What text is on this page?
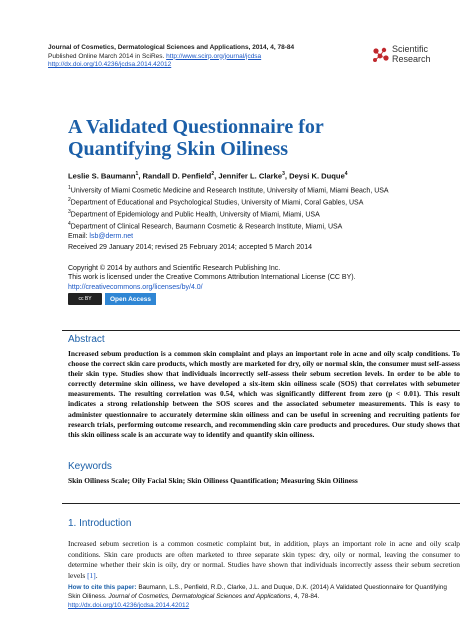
Journal of Cosmetics, Dermatological Sciences and Applications, 2014, 4, 78-84
Published Online March 2014 in SciRes. http://www.scirp.org/journal/jcdsa
http://dx.doi.org/10.4236/jcdsa.2014.42012
Scientific
Research
A Validated Questionnaire for Quantifying Skin Oiliness
Leslie S. Baumann$^1$, Randall D. Penfield$^2$, Jennifer L. Clarke$^3$, Deysi K. Duque$^4$
$^1$University of Miami Cosmetic Medicine and Research Institute, University of Miami, Miami Beach, USA
$^2$Department of Educational and Psychological Studies, University of Miami, Coral Gables, USA
$^3$Department of Epidemiology and Public Health, University of Miami, Miami, USA
$^4$Department of Clinical Research, Baumann Cosmetic & Research Institute, Miami, USA
Email: lsb@derm.net
Received 29 January 2014; revised 25 February 2014; accepted 5 March 2014
Copyright © 2014 by authors and Scientific Research Publishing Inc.
This work is licensed under the Creative Commons Attribution International License (CC BY).
http://creativecommons.org/licenses/by/4.0/
cc BY	Open Access
Abstract
Increased sebum production is a common skin complaint and plays an important role in acne and oily scalp conditions. To choose the correct skin care products, which mostly are marketed for dry, oily or normal skin, the consumer must self-assess their skin type. Studies show that individuals incorrectly self-assess their sebum secretion levels. In order to be able to correctly determine skin oiliness, we have developed a six-item skin oiliness scale (SOS) that correlates with sebumeter measurements. The resulting correlation was 0.54, which was significantly different from zero (p < 0.01). This result indicates a strong relationship between the SOS scores and the associated sebumeter measurements. This is easy to administer questionnaire to accurately determine skin oiliness and can be useful in screening and recruiting patients for research trials, performing outcome research, and recommending skin care products and procedures. Our study shows that this skin oiliness scale is an accurate way to identify and quantify skin oiliness.
Keywords
Skin Oiliness Scale; Oily Facial Skin; Skin Oiliness Quantification; Measuring Skin Oiliness
1. Introduction
Increased sebum secretion is a common cosmetic complaint but, in addition, plays an important role in acne and oily scalp conditions. Skin care products are often marketed to three separate skin types: dry, oily or normal, leaving the consumer to determine whether their skin is oily, dry or normal. Studies have shown that individuals incorrectly assess their sebum secretion levels [1].
How to cite this paper: Baumann, L.S., Penfield, R.D., Clarke, J.L. and Duque, D.K. (2014) A Validated Questionnaire for Quantifying Skin Oiliness. Journal of Cosmetics, Dermatological Sciences and Applications, 4, 78-84.
http://dx.doi.org/10.4236/jcdsa.2014.42012
